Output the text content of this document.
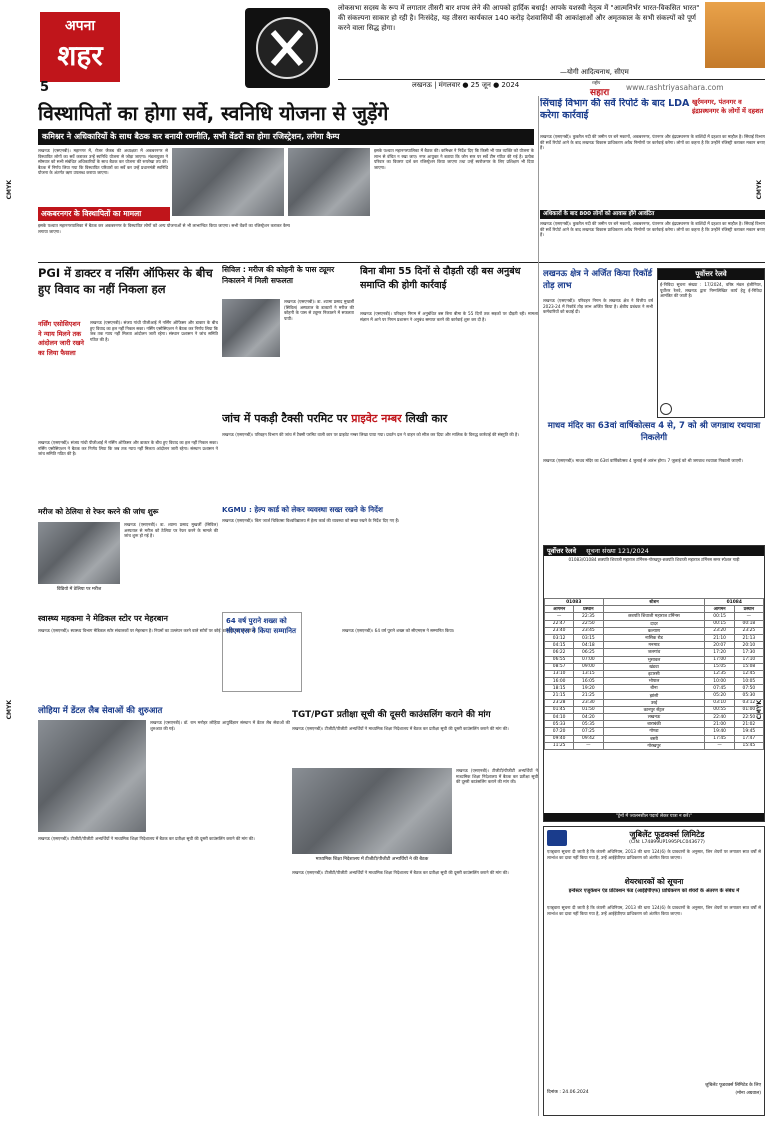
अपना
शहर
5
लोकसभा सदस्य के रूप में लगातार तीसरी बार शपथ लेने की आपको हार्दिक बधाई! आपके यशस्वी नेतृत्व में "आत्मनिर्भर भारत-विकसित भारत" की संकल्पना साकार हो रही है। निःसंदेह, यह तीसरा कार्यकाल 140 करोड़ देशवासियों की आकांक्षाओं और अमृतकाल के सभी संकल्पों को पूर्ण करने वाला सिद्ध होगा।
—योगी आदित्यनाथ, सीएम
लखनऊ | मंगलवार ● 25 जून ● 2024	राष्ट्रीय
सहारा
www.rashtriyasahara.com
CMYK
CMYK
CMYK
CMYK
विस्थापितों का होगा सर्वे, स्वनिधि योजना से जुड़ेंगे
कमिश्नर ने अधिकारियों के साथ बैठक कर बनायी रणनीति, सभी वेंडरों का होगा रजिस्ट्रेशन, लगेगा कैम्प
लखनऊ (एसएनबी)। महानगर में, रोजर जैकब की अध्यक्षता में अकबरनगर से विस्थापित लोगों का सर्वे कराकर उन्हें स्वनिधि योजना से जोड़ा जाएगा। मंडलायुक्त ने सोमवार को सभी संबंधित अधिकारियों के साथ बैठक कर योजना की रूपरेखा तय की। बैठक में निर्णय लिया गया कि विस्थापित परिवारों का सर्वे कर उन्हें प्रधानमंत्री स्वनिधि योजना के अंतर्गत ऋण उपलब्ध कराया जाएगा।
अकबरनगर के विस्थापितों का मामला
इसके पश्चात महानगरपालिका में बैठक कर अकबरनगर के विस्थापित लोगों को अन्य योजनाओं से भी लाभान्वित किया जाएगा। सभी वेंडरों का रजिस्ट्रेशन कराकर कैम्प लगाया जाएगा।
इसके पश्चात महानगरपालिका में बैठक की। कमिश्नर ने निर्देश दिए कि किसी भी पात्र व्यक्ति को योजना के लाभ से वंचित न रखा जाए। नगर आयुक्त ने बताया कि जोन स्तर पर सर्वे टीम गठित की गई है। प्रत्येक परिवार का विवरण दर्ज कर रजिस्ट्रेशन किया जाएगा तथा उन्हें स्वरोजगार के लिए प्रशिक्षण भी दिया जाएगा।
सिंचाई विभाग की सर्वे रिपोर्ट के बाद LDA करेगा कार्रवाई
खुर्रमनगर, पंतनगर व इंद्रप्रस्थनगर के लोगों में दहशत
लखनऊ (एसएनबी)। कुकरैल नदी की जमीन पर बने मकानों, अकबरनगर, पंतनगर और इंद्रप्रस्थनगर के बाशिंदों में दहशत का माहौल है। सिंचाई विभाग की सर्वे रिपोर्ट आने के बाद लखनऊ विकास प्राधिकरण अवैध निर्माणों पर कार्रवाई करेगा। लोगों का कहना है कि उन्होंने रजिस्ट्री कराकर मकान बनाए हैं।
अधिकारों के बाद 800 लोगों को आवास होंगे आवंटित
लखनऊ (एसएनबी)। कुकरैल नदी की जमीन पर बने मकानों, अकबरनगर, पंतनगर और इंद्रप्रस्थनगर के बाशिंदों में दहशत का माहौल है। सिंचाई विभाग की सर्वे रिपोर्ट आने के बाद लखनऊ विकास प्राधिकरण अवैध निर्माणों पर कार्रवाई करेगा। लोगों का कहना है कि उन्होंने रजिस्ट्री कराकर मकान बनाए हैं।
PGI में डाक्टर व नर्सिंग ऑफिसर के बीच हुए विवाद का नहीं निकला हल
नर्सिंग एसोसिएशन ने न्याय मिलने तक आंदोलन जारी रखने का लिया फैसला
लखनऊ (एसएनबी)। संजय गांधी पीजीआई में नर्सिंग ऑफिसर और डाक्टर के बीच हुए विवाद का हल नहीं निकल सका। नर्सिंग एसोसिएशन ने बैठक कर निर्णय लिया कि जब तक न्याय नहीं मिलता आंदोलन जारी रहेगा। संस्थान प्रशासन ने जांच समिति गठित की है।
लखनऊ (एसएनबी)। संजय गांधी पीजीआई में नर्सिंग ऑफिसर और डाक्टर के बीच हुए विवाद का हल नहीं निकल सका। नर्सिंग एसोसिएशन ने बैठक कर निर्णय लिया कि जब तक न्याय नहीं मिलता आंदोलन जारी रहेगा। संस्थान प्रशासन ने जांच समिति गठित की है।
सिविल : मरीज की कोहनी के पास ट्यूमर निकालने में मिली सफलता
लखनऊ (एसएनबी)। डा. श्यामा प्रसाद मुखर्जी (सिविल) अस्पताल के डाक्टरों ने मरीज की कोहनी के पास से ट्यूमर निकालने में सफलता पायी।
बिना बीमा 55 दिनों से दौड़ती रही बस अनुबंध समाप्ति की होगी कार्रवाई
लखनऊ (एसएनबी)। परिवहन निगम में अनुबंधित बस बिना बीमा के 55 दिनों तक सड़कों पर दौड़ती रही। मामला संज्ञान में आने पर निगम प्रशासन ने अनुबंध समाप्त करने की कार्रवाई शुरू कर दी है।
लखनऊ क्षेत्र ने अर्जित किया रिकॉर्ड तोड़ लाभ
लखनऊ (एसएनबी)। परिवहन निगम के लखनऊ क्षेत्र ने वित्तीय वर्ष 2023-24 में रिकॉर्ड तोड़ लाभ अर्जित किया है। क्षेत्रीय प्रबंधक ने सभी कर्मचारियों को बधाई दी।
पूर्वोत्तर रेलवे
ई-निविदा सूचना संख्या : 17/2024, वरिष्ठ मंडल इंजीनियर, पूर्वोत्तर रेलवे, लखनऊ द्वारा निम्नलिखित कार्य हेतु ई-निविदा आमंत्रित की जाती है।
जांच में पकड़ी टैक्सी परमिट पर प्राइवेट नम्बर लिखी कार
लखनऊ (एसएनबी)। परिवहन विभाग की जांच में टैक्सी परमिट वाली कार पर प्राइवेट नम्बर लिखा पाया गया। प्रवर्तन दल ने वाहन को सीज कर दिया और मालिक के विरुद्ध कार्रवाई की संस्तुति की है।
माधव मंदिर का 63वां वार्षिकोत्सव 4 से, 7 को श्री जगन्नाथ रथयात्रा निकलेगी
लखनऊ (एसएनबी)। माधव मंदिर का 63वां वार्षिकोत्सव 4 जुलाई से आरंभ होगा। 7 जुलाई को श्री जगन्नाथ रथयात्रा निकाली जाएगी।
मरीज को ठेलिया से रेफर करने की जांच शुरू
विडियो में ठेलिया पर मरीज
लखनऊ (एसएनबी)। डा. श्यामा प्रसाद मुखर्जी (सिविल) अस्पताल से मरीज को ठेलिया पर रेफर करने के मामले की जांच शुरू हो गई है।
KGMU : हेल्प कार्ड को लेकर व्यवस्था सख्त रखने के निर्देश
लखनऊ (एसएनबी)। किंग जार्ज चिकित्सा विश्वविद्यालय में हेल्प कार्ड की व्यवस्था को सख्त रखने के निर्देश दिए गए हैं।
स्वास्थ्य महकमा ने मेडिकल स्टोर पर मेहरबान
लखनऊ (एसएनबी)। स्वास्थ्य विभाग मेडिकल स्टोर संचालकों पर मेहरबान है। नियमों का उल्लंघन करने वाले स्टोरों पर कोई कार्रवाई नहीं हो रही है।
64 वर्ष पुराने शख्स को सीएमएस ने किया सम्मानित	लखनऊ (एसएनबी)। 64 वर्ष पुराने शख्स को सीएमएस ने सम्मानित किया।
पूर्वोत्तर रेलवे सूचना संख्या 121/2024
01083/01084 छत्रपति शिवाजी महाराज टर्मिनस-गोरखपुर-छत्रपति शिवाजी महाराज टर्मिनस समर स्पेशल गाड़ी
01083		स्टेशन	01084	
आगमन	प्रस्थान		आगमन	प्रस्थान
—	22:35	छत्रपति शिवाजी महाराज टर्मिनस	00:15	—
22:47	22:50	दादर	00:15	00:18
23:40	23:45	कल्याण	23:20	23:25
03:12	03:15	नासिक रोड	21:10	21:13
04:15	04:18	मनमाड	20:07	20:10
06:22	06:25	जलगांव	17:20	17:30
06:55	07:00	भुसावल	17:00	17:10
08:57	09:00	खंडवा	15:05	15:08
13:10	13:15	इटारसी	12:35	12:45
16:00	16:05	भोपाल	10:00	10:05
18:15	19:20	बीना	07:45	07:50
21:15	21:25	झांसी	05:20	05:30
23:28	23:30	उरई	03:10	03:12
01:45	01:50	कानपुर सेंट्रल	00:55	01:00
04:10	04:20	लखनऊ	22:40	22:50
05:33	05:35	बाराबंकी	21:00	21:02
07:20	07:25	गोण्डा	19:40	19:45
09:40	09:42	बस्ती	17:45	17:47
11:25	—	गोरखपुर	—	15:45
"ट्रेनों में ज्वलनशील पदार्थ लेकर यात्रा न करें।"
लोहिया में डेंटल लैब सेवाओं की शुरुआत
लखनऊ (एसएनबी)। डॉ. राम मनोहर लोहिया आयुर्विज्ञान संस्थान में डेंटल लैब सेवाओं की शुरुआत की गई।
TGT/PGT प्रतीक्षा सूची की दूसरी काउंसलिंग कराने की मांग
लखनऊ (एसएनबी)। टीजीटी/पीजीटी अभ्यर्थियों ने माध्यमिक शिक्षा निदेशालय में बैठक कर प्रतीक्षा सूची की दूसरी काउंसलिंग कराने की मांग की।
माध्यमिक शिक्षा निदेशालय में टीजीटी/पीजीटी अभ्यर्थियों ने की बैठक
लखनऊ (एसएनबी)। टीजीटी/पीजीटी अभ्यर्थियों ने माध्यमिक शिक्षा निदेशालय में बैठक कर प्रतीक्षा सूची की दूसरी काउंसलिंग कराने की मांग की।
लखनऊ (एसएनबी)। टीजीटी/पीजीटी अभ्यर्थियों ने माध्यमिक शिक्षा निदेशालय में बैठक कर प्रतीक्षा सूची की दूसरी काउंसलिंग कराने की मांग की।
लखनऊ (एसएनबी)। टीजीटी/पीजीटी अभ्यर्थियों ने माध्यमिक शिक्षा निदेशालय में बैठक कर प्रतीक्षा सूची की दूसरी काउंसलिंग कराने की मांग की।
जुबिलेंट फूडवर्क्स लिमिटेड
(CIN: L74899UP1995PLC043677)
एतद्द्वारा सूचना दी जाती है कि कंपनी अधिनियम, 2013 की धारा 124(6) के प्रावधानों के अनुसार, जिन शेयरों पर लगातार सात वर्षों से लाभांश का दावा नहीं किया गया है, उन्हें आईईपीएफ प्राधिकरण को अंतरित किया जाएगा।
शेयरधारकों को सूचना
इन्वेस्टर एजुकेशन एंड प्रोटेक्शन फंड (आईईपीएफ) प्राधिकरण को शेयरों के अंतरण के संबंध में
एतद्द्वारा सूचना दी जाती है कि कंपनी अधिनियम, 2013 की धारा 124(6) के प्रावधानों के अनुसार, जिन शेयरों पर लगातार सात वर्षों से लाभांश का दावा नहीं किया गया है, उन्हें आईईपीएफ प्राधिकरण को अंतरित किया जाएगा।
दिनांक : 24.06.2024
जुबिलेंट फूडवर्क्स लिमिटेड के लिए
(मोना अग्रवाल)
